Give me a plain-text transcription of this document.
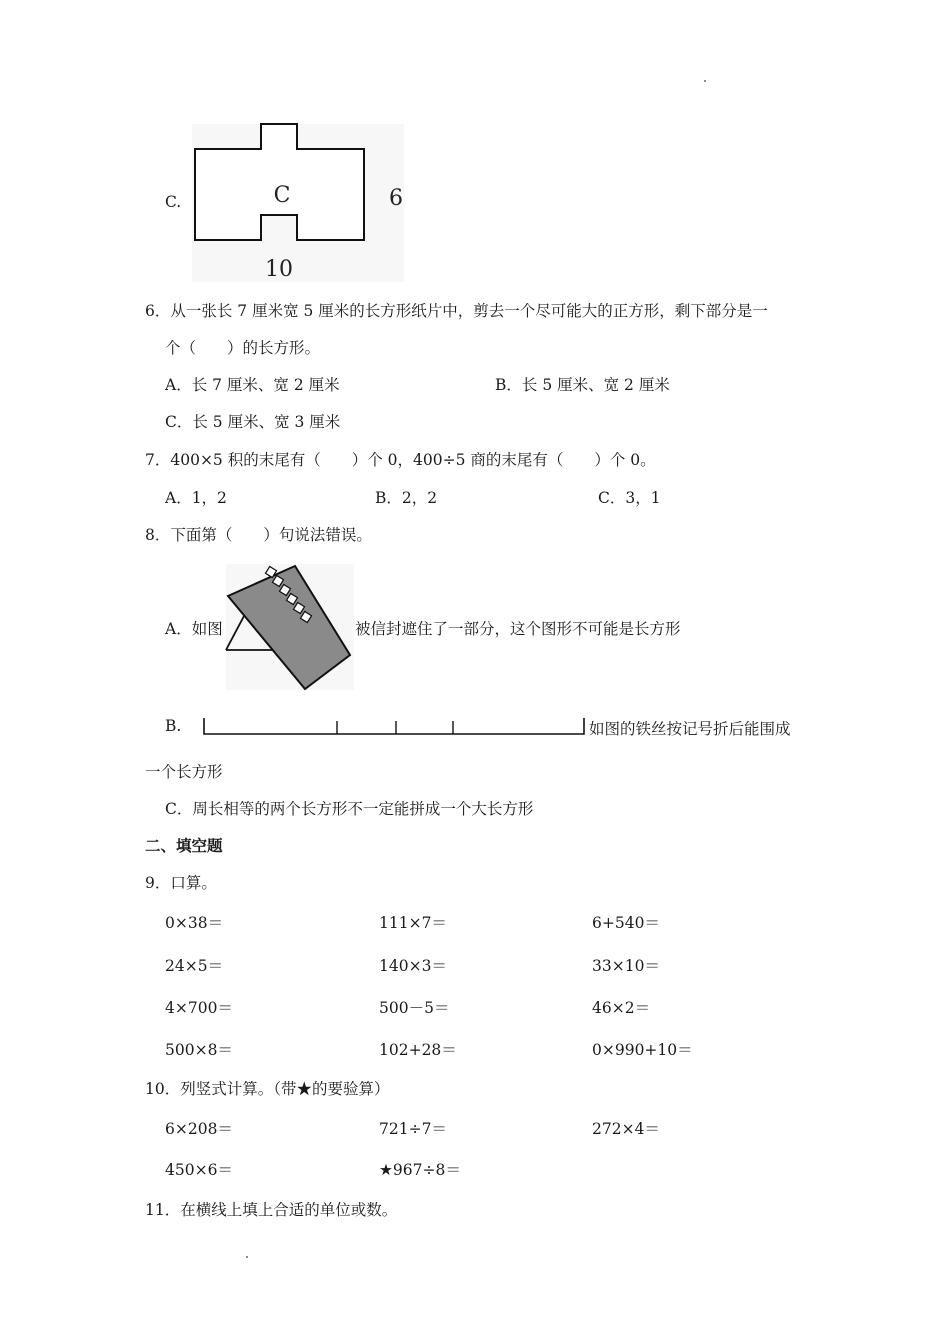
C.	C	6
10
6．从一张长 7 厘米宽 5 厘米的长方形纸片中，剪去一个尽可能大的正方形，剩下部分是一
个（　　）的长方形。
A．长 7 厘米、宽 2 厘米	B．长 5 厘米、宽 2 厘米
C．长 5 厘米、宽 3 厘米
7．400×5 积的末尾有（　　）个 0，400÷5 商的末尾有（　　）个 0。
A．1，2	B．2，2	C．3，1
8．下面第（　　）句说法错误。
A．如图	被信封遮住了一部分，这个图形不可能是长方形
B.	如图的铁丝按记号折后能围成
一个长方形
C．周长相等的两个长方形不一定能拼成一个大长方形
二、填空题
9．口算。
0×38＝	111×7＝	6+540＝
24×5＝	140×3＝	33×10＝
4×700＝	500－5＝	46×2＝
500×8＝	102+28＝	0×990+10＝
10．列竖式计算。（带★的要验算）
6×208＝	721÷7＝	272×4＝
450×6＝	★967÷8＝
11．在横线上填上合适的单位或数。
